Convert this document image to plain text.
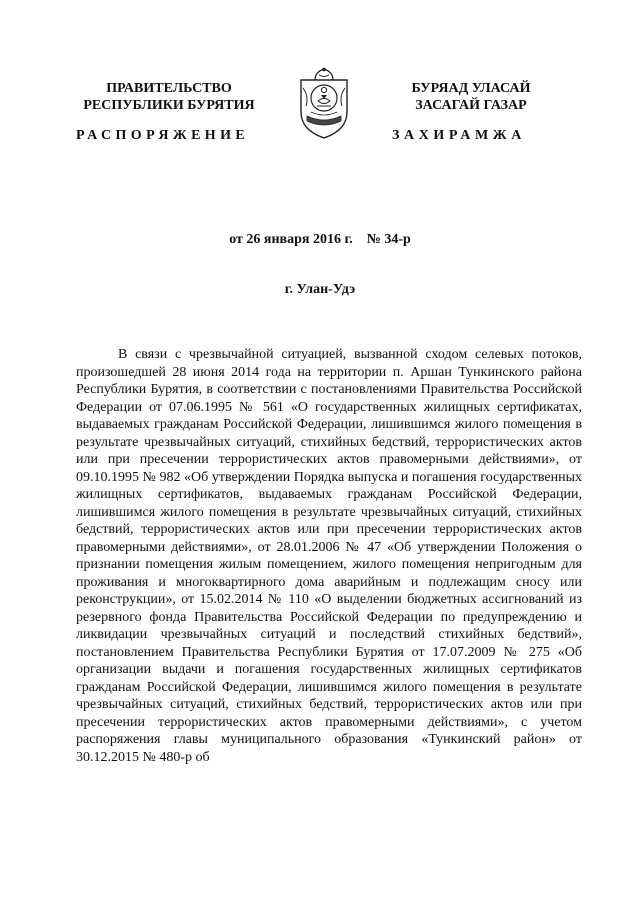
ПРАВИТЕЛЬСТВО
РЕСПУБЛИКИ БУРЯТИЯ
БУРЯАД УЛАСАЙ
ЗАСАГАЙ ГАЗАР
РАСПОРЯЖЕНИЕ	ЗАХИРАМЖА
от 26 января 2016 г. № 34-р
г. Улан-Удэ

В связи с чрезвычайной ситуацией, вызванной сходом селевых потоков, произошедшей 28 июня 2014 года на территории п. Аршан Тункинского района Республики Бурятия, в соответствии с постановлениями Правительства Российской Федерации от 07.06.1995 № 561 «О государственных жилищных сертификатах, выдаваемых гражданам Российской Федерации, лишившимся жилого помещения в результате чрезвычайных ситуаций, стихийных бедствий, террористических актов или при пресечении террористических актов правомерными действиями», от 09.10.1995 № 982 «Об утверждении Порядка выпуска и погашения государственных жилищных сертификатов, выдаваемых гражданам Российской Федерации, лишившимся жилого помещения в результате чрезвычайных ситуаций, стихийных бедствий, террористических актов или при пресечении террористических актов правомерными действиями», от 28.01.2006 № 47 «Об утверждении Положения о признании помещения жилым помещением, жилого помещения непригодным для проживания и многоквартирного дома аварийным и подлежащим сносу или реконструкции», от 15.02.2014 № 110 «О выделении бюджетных ассигнований из резервного фонда Правительства Российской Федерации по предупреждению и ликвидации чрезвычайных ситуаций и последствий стихийных бедствий», постановлением Правительства Республики Бурятия от 17.07.2009 № 275 «Об организации выдачи и погашения государственных жилищных сертификатов гражданам Российской Федерации, лишившимся жилого помещения в результате чрезвычайных ситуаций, стихийных бедствий, террористических актов или при пресечении террористических актов правомерными действиями», с учетом распоряжения главы муниципального образования «Тункинский район» от 30.12.2015 № 480-р об
